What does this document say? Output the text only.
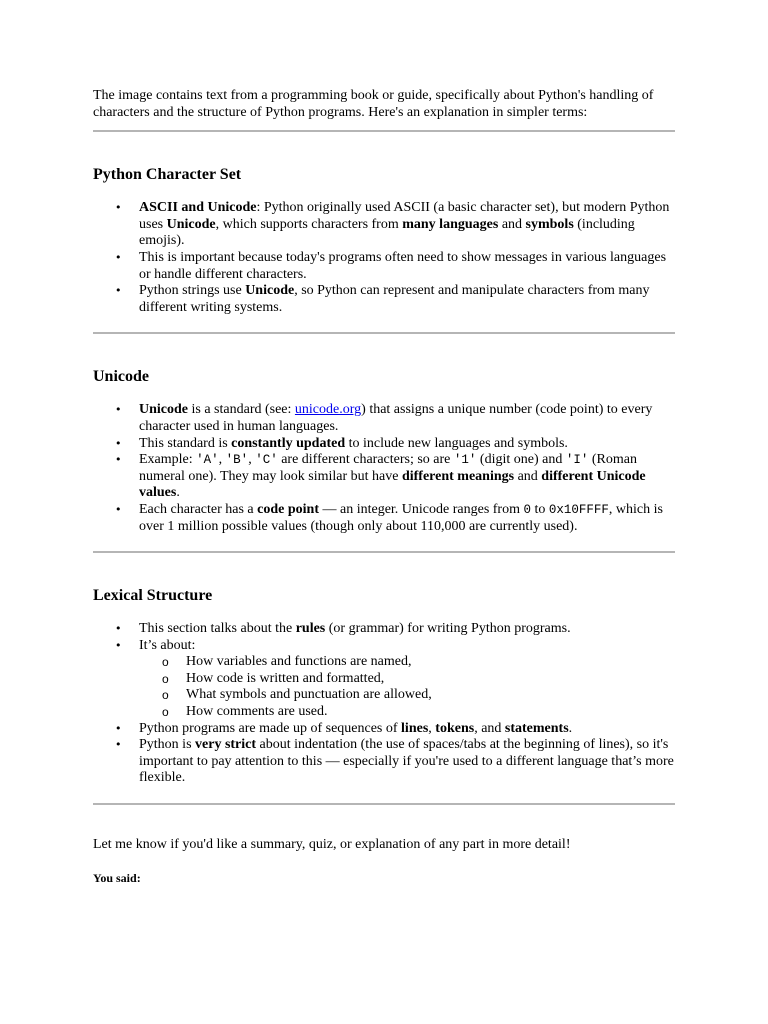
The image contains text from a programming book or guide, specifically about Python's handling of characters and the structure of Python programs. Here's an explanation in simpler terms:

Python Character Set
• ASCII and Unicode: Python originally used ASCII (a basic character set), but modern Python uses Unicode, which supports characters from many languages and symbols (including emojis).
• This is important because today's programs often need to show messages in various languages or handle different characters.
• Python strings use Unicode, so Python can represent and manipulate characters from many different writing systems.
Unicode
• Unicode is a standard (see: unicode.org) that assigns a unique number (code point) to every character used in human languages.
• This standard is constantly updated to include new languages and symbols.
• Example: 'A', 'B', 'C' are different characters; so are '1' (digit one) and 'I' (Roman numeral one). They may look similar but have different meanings and different Unicode values.
• Each character has a code point — an integer. Unicode ranges from 0 to 0x10FFFF, which is over 1 million possible values (though only about 110,000 are currently used).
Lexical Structure
• This section talks about the rules (or grammar) for writing Python programs.
• It’s about:
o How variables and functions are named,
o How code is written and formatted,
o What symbols and punctuation are allowed,
o How comments are used.
• Python programs are made up of sequences of lines, tokens, and statements.
• Python is very strict about indentation (the use of spaces/tabs at the beginning of lines), so it's important to pay attention to this — especially if you're used to a different language that’s more flexible.

Let me know if you'd like a summary, quiz, or explanation of any part in more detail!

You said:
